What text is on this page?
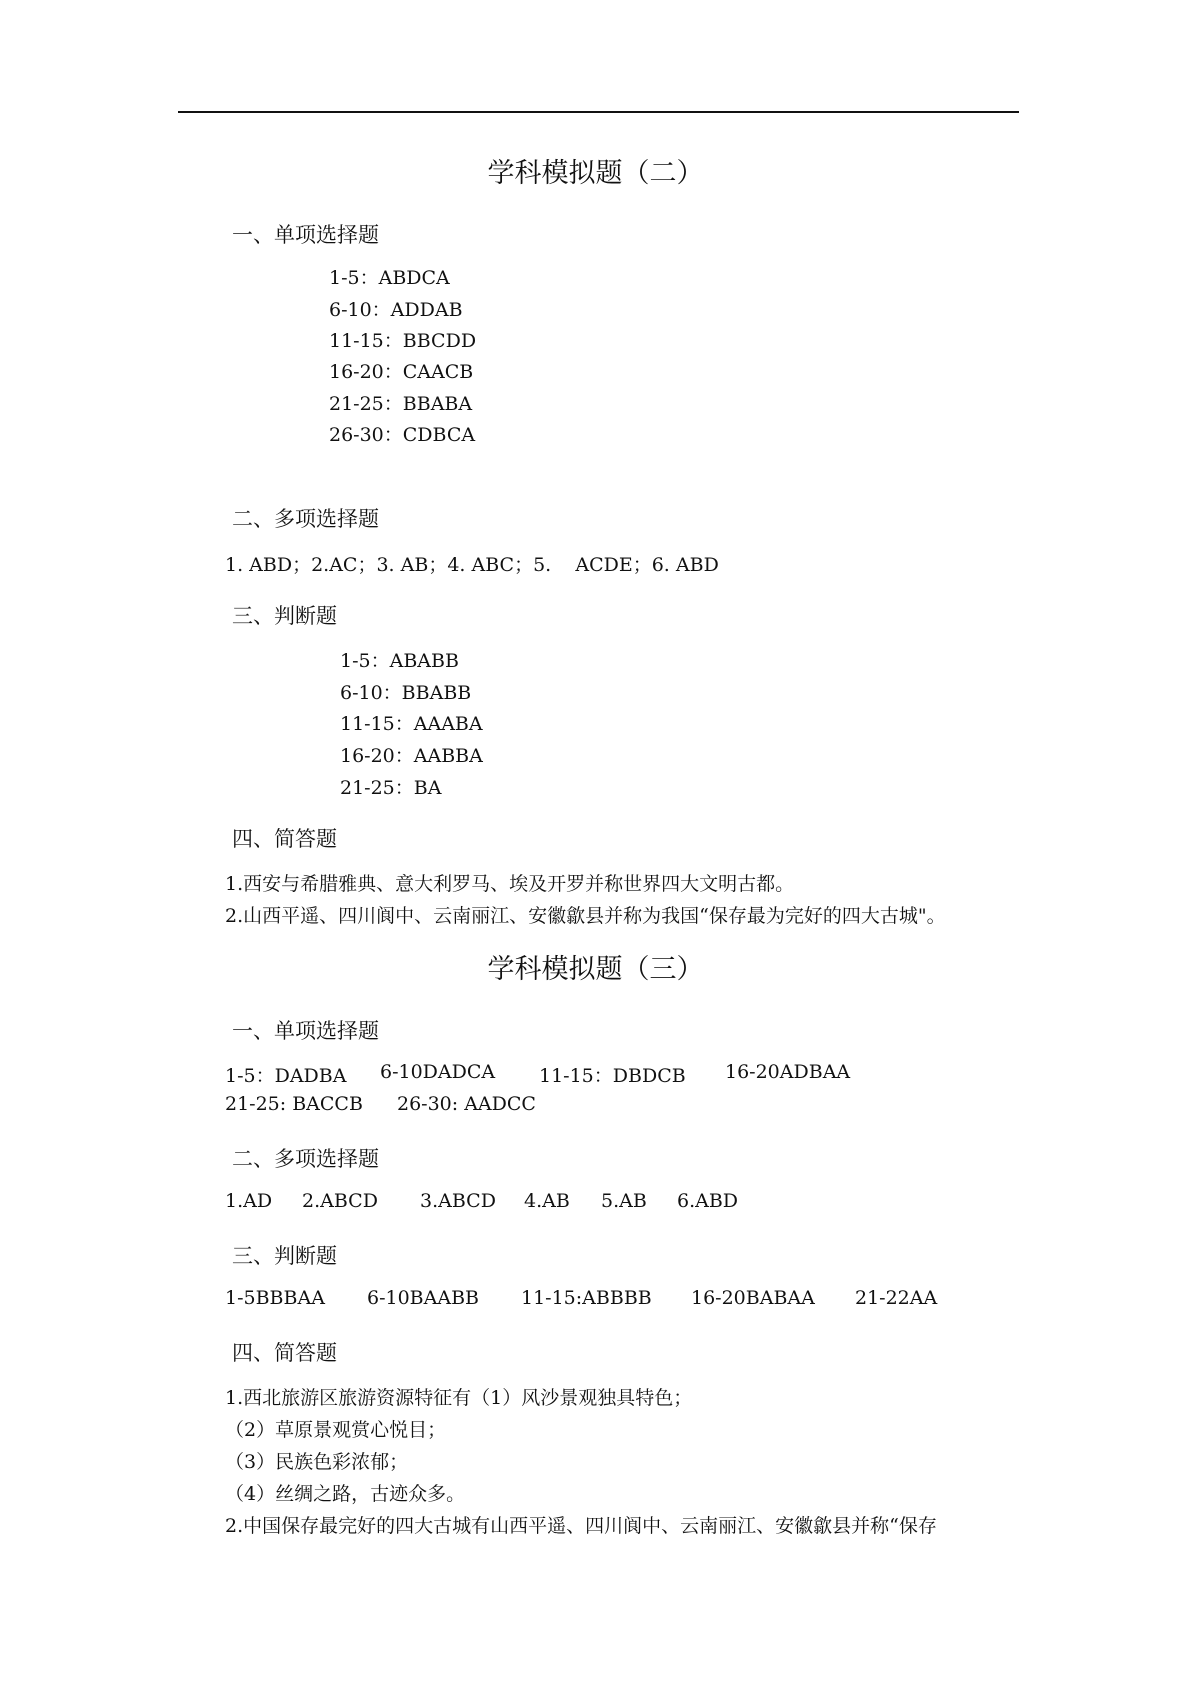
学科模拟题（二）
一、单项选择题
1-5：ABDCA
6-10：ADDAB
11-15：BBCDD
16-20：CAACB
21-25：BBABA
26-30：CDBCA
二、多项选择题
1. ABD；2.AC；3. AB；4. ABC；5.    ACDE；6. ABD
三、判断题
1-5：ABABB
6-10：BBABB
11-15：AAABA
16-20：AABBA
21-25：BA
四、简答题
1.西安与希腊雅典、意大利罗马、埃及开罗并称世界四大文明古都。
2.山西平遥、四川阆中、云南丽江、安徽歙县并称为我国“保存最为完好的四大古城"。
学科模拟题（三）
一、单项选择题
1-5：DADBA	6-10DADCA	11-15：DBDCB	16-20ADBAA
21-25: BACCB	26-30: AADCC
二、多项选择题
1.AD	2.ABCD	3.ABCD	4.AB	5.AB	6.ABD
三、判断题
1-5BBBAA	6-10BAABB	11-15:ABBBB	16-20BABAA	21-22AA
四、简答题
1.西北旅游区旅游资源特征有（1）风沙景观独具特色；
（2）草原景观赏心悦目；
（3）民族色彩浓郁；
（4）丝绸之路，古迹众多。
2.中国保存最完好的四大古城有山西平遥、四川阆中、云南丽江、安徽歙县并称“保存
